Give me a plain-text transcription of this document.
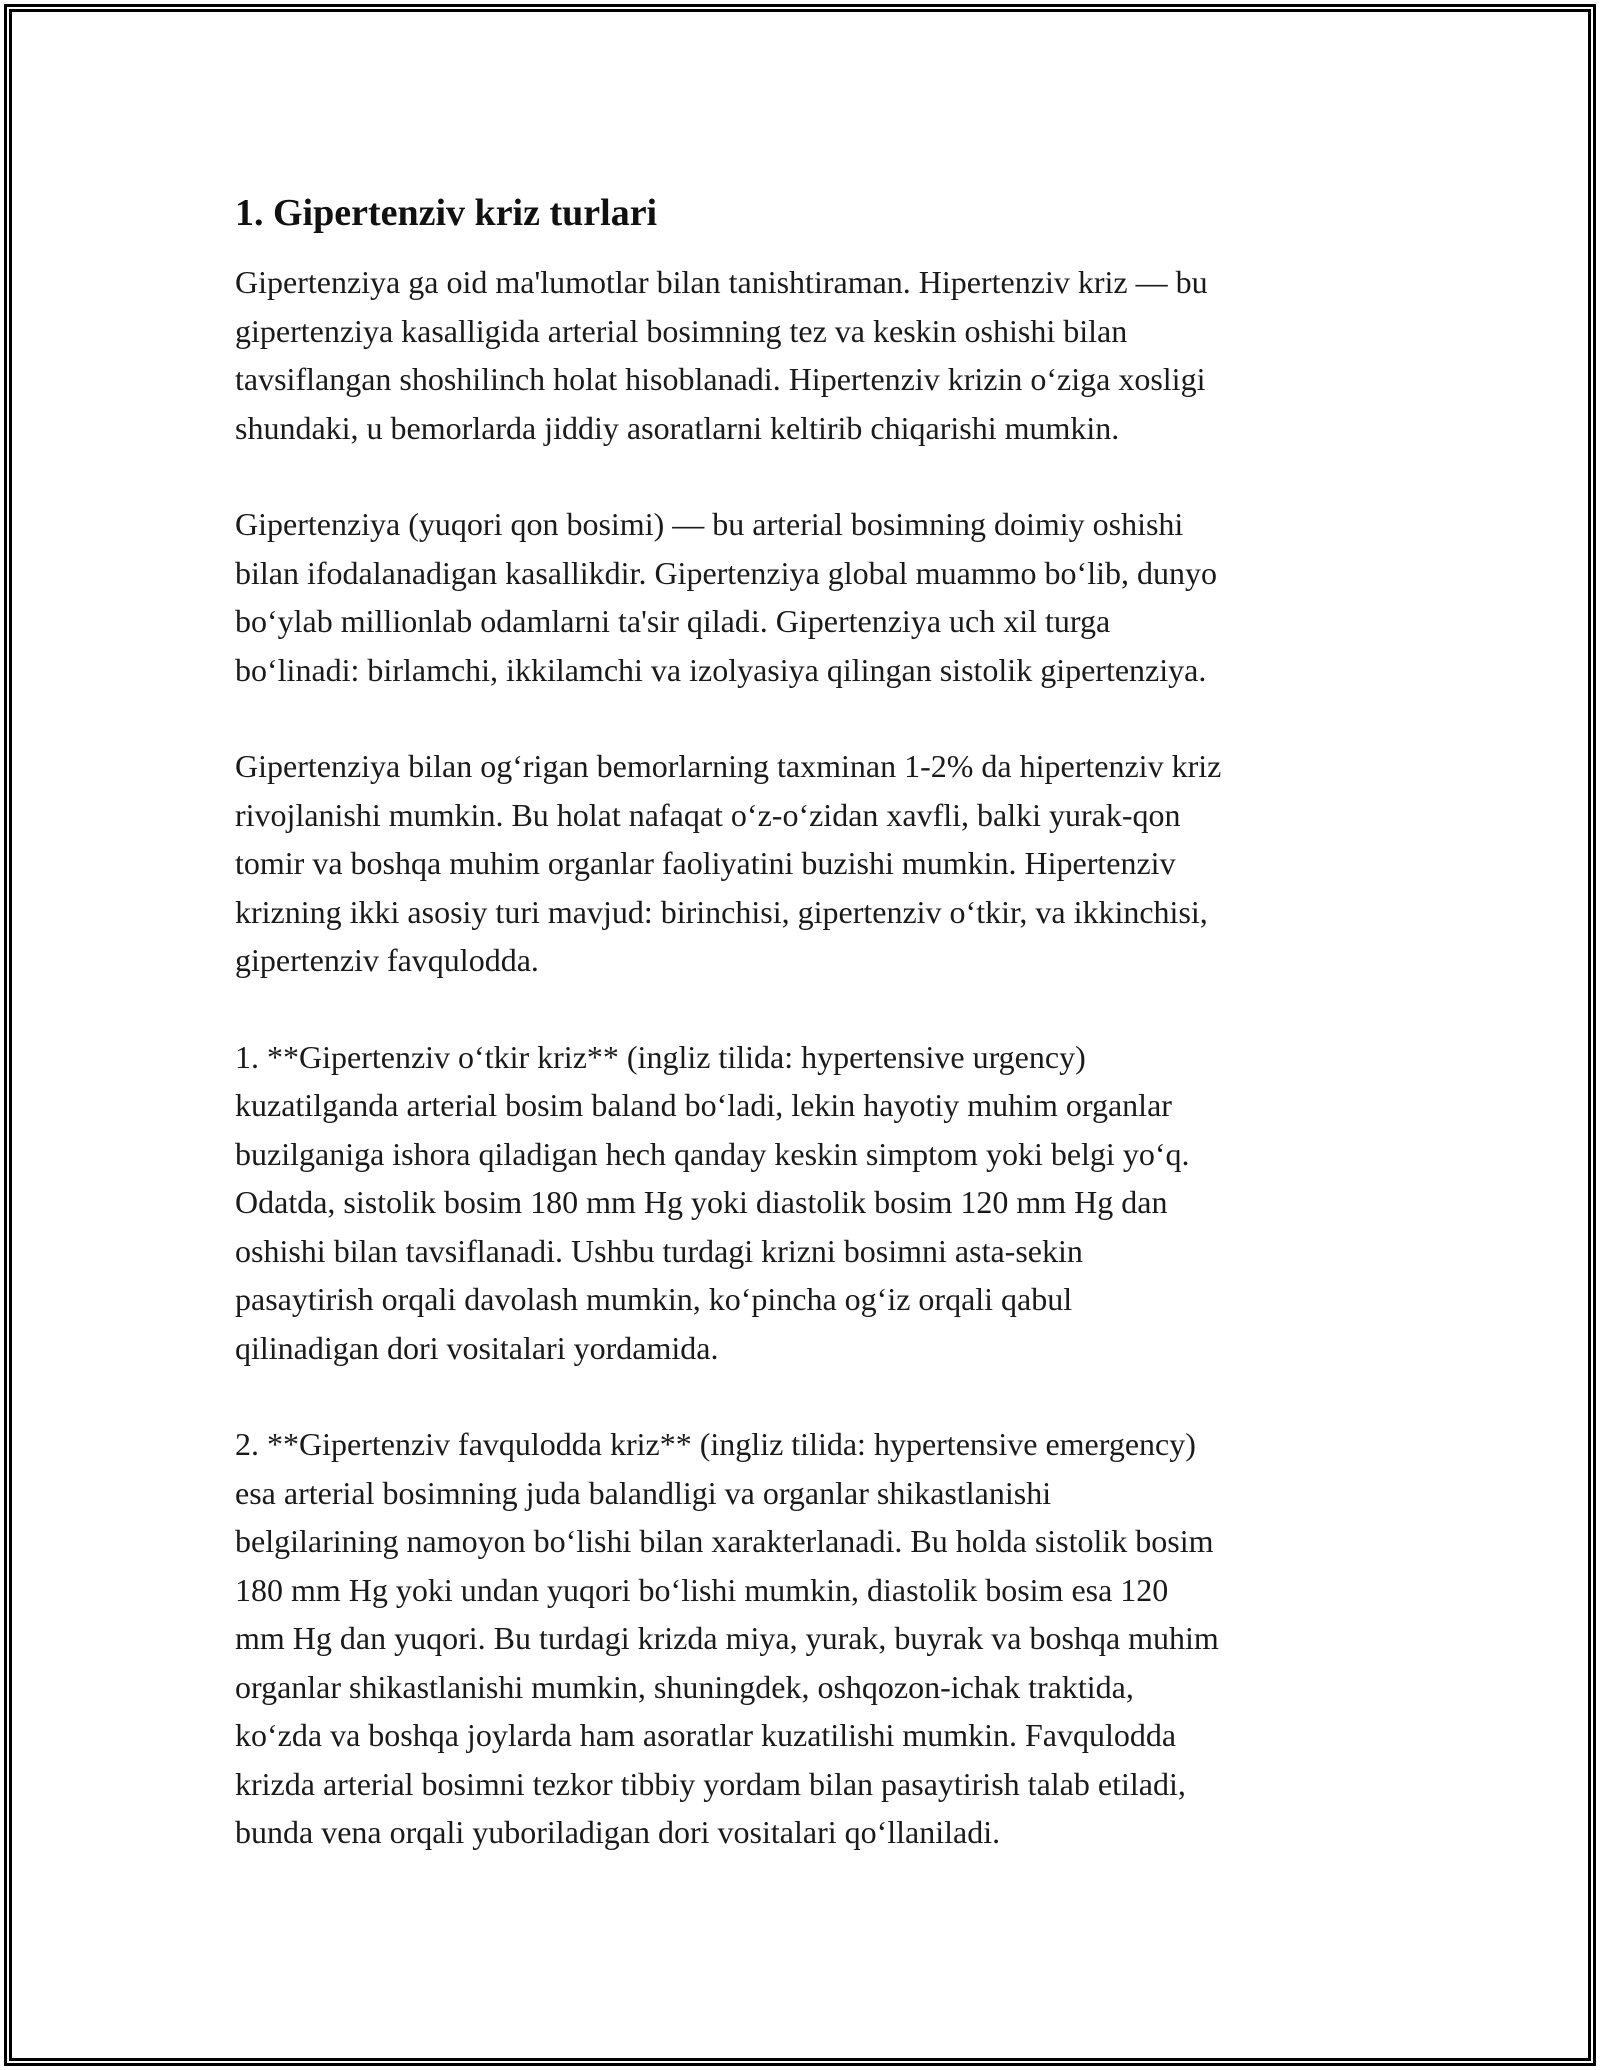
1. Gipertenziv kriz turlari

Gipertenziya ga oid ma'lumotlar bilan tanishtiraman. Hipertenziv kriz — bu
gipertenziya kasalligida arterial bosimning tez va keskin oshishi bilan
tavsiflangan shoshilinch holat hisoblanadi. Hipertenziv krizin o‘ziga xosligi
shundaki, u bemorlarda jiddiy asoratlarni keltirib chiqarishi mumkin.

Gipertenziya (yuqori qon bosimi) — bu arterial bosimning doimiy oshishi
bilan ifodalanadigan kasallikdir. Gipertenziya global muammo bo‘lib, dunyo
bo‘ylab millionlab odamlarni ta'sir qiladi. Gipertenziya uch xil turga
bo‘linadi: birlamchi, ikkilamchi va izolyasiya qilingan sistolik gipertenziya.

Gipertenziya bilan og‘rigan bemorlarning taxminan 1-2% da hipertenziv kriz
rivojlanishi mumkin. Bu holat nafaqat o‘z-o‘zidan xavfli, balki yurak-qon
tomir va boshqa muhim organlar faoliyatini buzishi mumkin. Hipertenziv
krizning ikki asosiy turi mavjud: birinchisi, gipertenziv o‘tkir, va ikkinchisi,
gipertenziv favqulodda.

1. **Gipertenziv o‘tkir kriz** (ingliz tilida: hypertensive urgency)
kuzatilganda arterial bosim baland bo‘ladi, lekin hayotiy muhim organlar
buzilganiga ishora qiladigan hech qanday keskin simptom yoki belgi yo‘q.
Odatda, sistolik bosim 180 mm Hg yoki diastolik bosim 120 mm Hg dan
oshishi bilan tavsiflanadi. Ushbu turdagi krizni bosimni asta-sekin
pasaytirish orqali davolash mumkin, ko‘pincha og‘iz orqali qabul
qilinadigan dori vositalari yordamida.

2. **Gipertenziv favqulodda kriz** (ingliz tilida: hypertensive emergency)
esa arterial bosimning juda balandligi va organlar shikastlanishi
belgilarining namoyon bo‘lishi bilan xarakterlanadi. Bu holda sistolik bosim
180 mm Hg yoki undan yuqori bo‘lishi mumkin, diastolik bosim esa 120
mm Hg dan yuqori. Bu turdagi krizda miya, yurak, buyrak va boshqa muhim
organlar shikastlanishi mumkin, shuningdek, oshqozon-ichak traktida,
ko‘zda va boshqa joylarda ham asoratlar kuzatilishi mumkin. Favqulodda
krizda arterial bosimni tezkor tibbiy yordam bilan pasaytirish talab etiladi,
bunda vena orqali yuboriladigan dori vositalari qo‘llaniladi.
